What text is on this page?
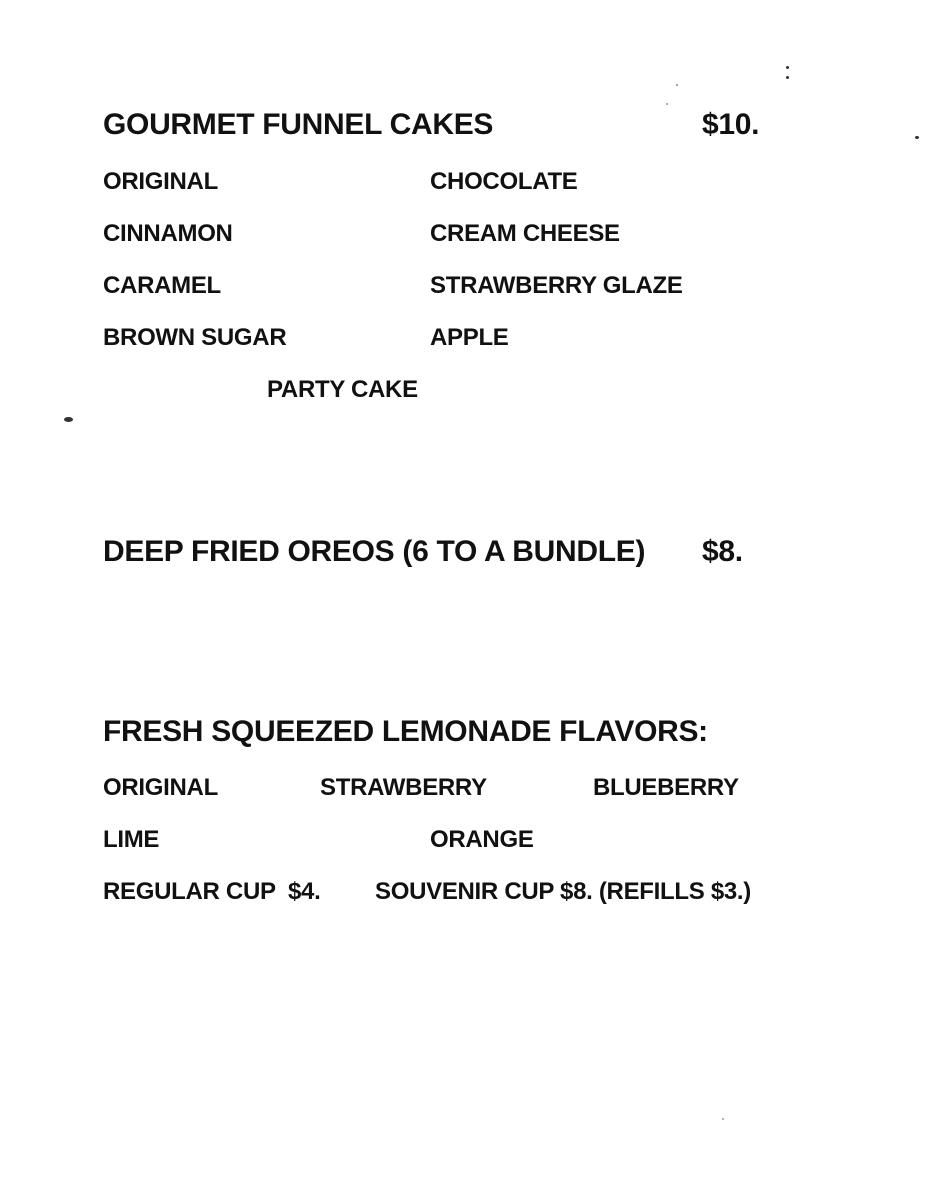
GOURMET FUNNEL CAKES	$10.
ORIGINAL	CHOCOLATE
CINNAMON	CREAM CHEESE
CARAMEL	STRAWBERRY GLAZE
BROWN SUGAR	APPLE
PARTY CAKE
DEEP FRIED OREOS (6 TO A BUNDLE) $8.
FRESH SQUEEZED LEMONADE FLAVORS:
ORIGINAL	STRAWBERRY	BLUEBERRY
LIME	ORANGE
REGULAR CUP  $4. SOUVENIR CUP $8. (REFILLS $3.)
